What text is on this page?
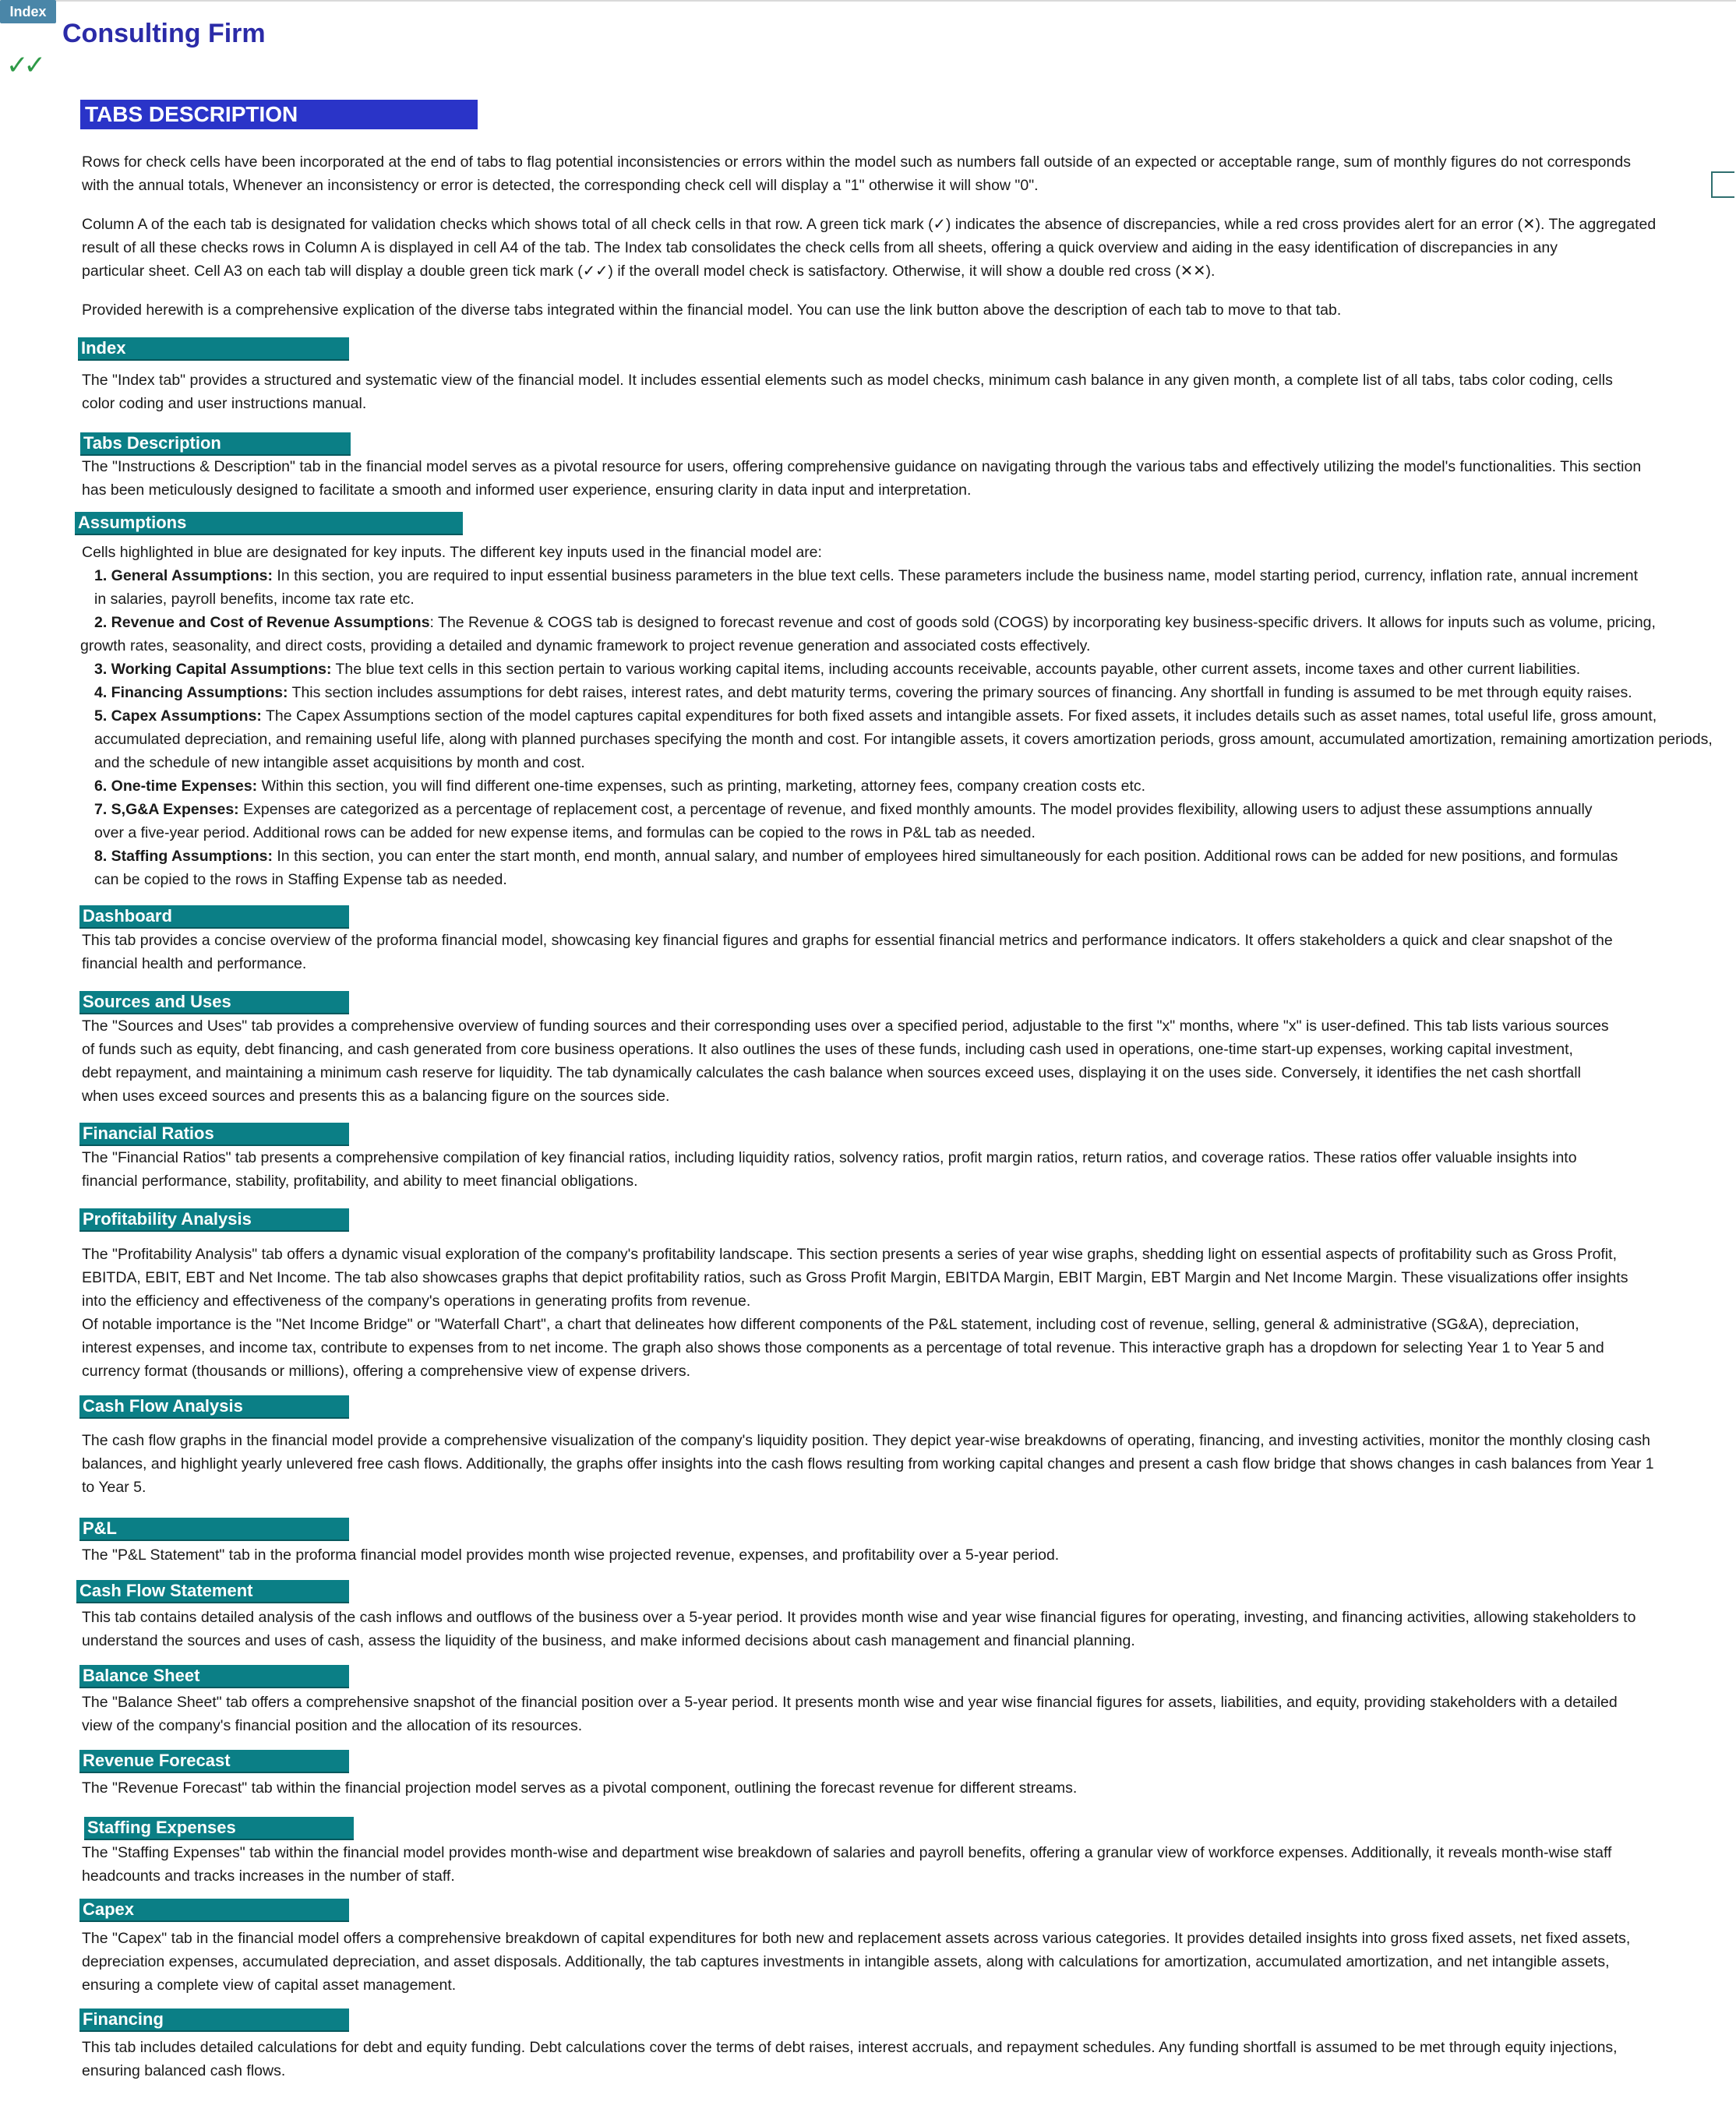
Index
Consulting Firm
✓✓
TABS DESCRIPTION
Rows for check cells have been incorporated at the end of tabs to flag potential inconsistencies or errors within the model such as numbers fall outside of an expected or acceptable range, sum of monthly figures do not corresponds
with the annual totals, Whenever an inconsistency or error is detected, the corresponding check cell will display a "1" otherwise it will show "0".
Column A of the each tab is designated for validation checks which shows total of all check cells in that row. A green tick mark (✓) indicates the absence of discrepancies, while a red cross provides alert for an error (✕). The aggregated
result of all these checks rows in Column A is displayed in cell A4 of the tab. The Index tab consolidates the check cells from all sheets, offering a quick overview and aiding in the easy identification of discrepancies in any
particular sheet. Cell A3 on each tab will display a double green tick mark (✓✓) if the overall model check is satisfactory. Otherwise, it will show a double red cross (✕✕).
Provided herewith is a comprehensive explication of the diverse tabs integrated within the financial model. You can use the link button above the description of each tab to move to that tab.
Index
The "Index tab" provides a structured and systematic view of the financial model. It includes essential elements such as model checks, minimum cash balance in any given month, a complete list of all tabs, tabs color coding, cells
color coding and user instructions manual.
Tabs Description
The "Instructions & Description" tab in the financial model serves as a pivotal resource for users, offering comprehensive guidance on navigating through the various tabs and effectively utilizing the model's functionalities. This section
has been meticulously designed to facilitate a smooth and informed user experience, ensuring clarity in data input and interpretation.
Assumptions
Cells highlighted in blue are designated for key inputs. The different key inputs used in the financial model are:
1. General Assumptions: In this section, you are required to input essential business parameters in the blue text cells. These parameters include the business name, model starting period, currency, inflation rate, annual increment
in salaries, payroll benefits, income tax rate etc.
2. Revenue and Cost of Revenue Assumptions: The Revenue & COGS tab is designed to forecast revenue and cost of goods sold (COGS) by incorporating key business-specific drivers. It allows for inputs such as volume, pricing,
growth rates, seasonality, and direct costs, providing a detailed and dynamic framework to project revenue generation and associated costs effectively.
3. Working Capital Assumptions: The blue text cells in this section pertain to various working capital items, including accounts receivable, accounts payable, other current assets, income taxes and other current liabilities.
4. Financing Assumptions: This section includes assumptions for debt raises, interest rates, and debt maturity terms, covering the primary sources of financing. Any shortfall in funding is assumed to be met through equity raises.
5. Capex Assumptions: The Capex Assumptions section of the model captures capital expenditures for both fixed assets and intangible assets. For fixed assets, it includes details such as asset names, total useful life, gross amount,
accumulated depreciation, and remaining useful life, along with planned purchases specifying the month and cost. For intangible assets, it covers amortization periods, gross amount, accumulated amortization, remaining amortization periods,
and the schedule of new intangible asset acquisitions by month and cost.
6. One-time Expenses: Within this section, you will find different one-time expenses, such as printing, marketing, attorney fees, company creation costs etc.
7. S,G&A Expenses: Expenses are categorized as a percentage of replacement cost, a percentage of revenue, and fixed monthly amounts. The model provides flexibility, allowing users to adjust these assumptions annually
over a five-year period. Additional rows can be added for new expense items, and formulas can be copied to the rows in P&L tab as needed.
8. Staffing Assumptions: In this section, you can enter the start month, end month, annual salary, and number of employees hired simultaneously for each position. Additional rows can be added for new positions, and formulas
can be copied to the rows in Staffing Expense tab as needed.
Dashboard
This tab provides a concise overview of the proforma financial model, showcasing key financial figures and graphs for essential financial metrics and performance indicators. It offers stakeholders a quick and clear snapshot of the
financial health and performance.
Sources and Uses
The "Sources and Uses" tab provides a comprehensive overview of funding sources and their corresponding uses over a specified period, adjustable to the first "x" months, where "x" is user-defined. This tab lists various sources
of funds such as equity, debt financing, and cash generated from core business operations. It also outlines the uses of these funds, including cash used in operations, one-time start-up expenses, working capital investment,
debt repayment, and maintaining a minimum cash reserve for liquidity. The tab dynamically calculates the cash balance when sources exceed uses, displaying it on the uses side. Conversely, it identifies the net cash shortfall
when uses exceed sources and presents this as a balancing figure on the sources side.
Financial Ratios
The "Financial Ratios" tab presents a comprehensive compilation of key financial ratios, including liquidity ratios, solvency ratios, profit margin ratios, return ratios, and coverage ratios. These ratios offer valuable insights into
financial performance, stability, profitability, and ability to meet financial obligations.
Profitability Analysis
The "Profitability Analysis" tab offers a dynamic visual exploration of the company's profitability landscape. This section presents a series of year wise graphs, shedding light on essential aspects of profitability such as Gross Profit,
EBITDA, EBIT, EBT and Net Income. The tab also showcases graphs that depict profitability ratios, such as Gross Profit Margin, EBITDA Margin, EBIT Margin, EBT Margin and Net Income Margin. These visualizations offer insights
into the efficiency and effectiveness of the company's operations in generating profits from revenue.
Of notable importance is the "Net Income Bridge" or "Waterfall Chart", a chart that delineates how different components of the P&L statement, including cost of revenue, selling, general & administrative (SG&A), depreciation,
interest expenses, and income tax, contribute to expenses from to net income. The graph also shows those components as a percentage of total revenue. This interactive graph has a dropdown for selecting Year 1 to Year 5 and
currency format (thousands or millions), offering a comprehensive view of expense drivers.
Cash Flow Analysis
The cash flow graphs in the financial model provide a comprehensive visualization of the company's liquidity position. They depict year-wise breakdowns of operating, financing, and investing activities, monitor the monthly closing cash
balances, and highlight yearly unlevered free cash flows. Additionally, the graphs offer insights into the cash flows resulting from working capital changes and present a cash flow bridge that shows changes in cash balances from Year 1
to Year 5.
P&L
The "P&L Statement" tab in the proforma financial model provides month wise projected revenue, expenses, and profitability over a 5-year period.
Cash Flow Statement
This tab contains detailed analysis of the cash inflows and outflows of the business over a 5-year period. It provides month wise and year wise financial figures for operating, investing, and financing activities, allowing stakeholders to
understand the sources and uses of cash, assess the liquidity of the business, and make informed decisions about cash management and financial planning.
Balance Sheet
The "Balance Sheet" tab offers a comprehensive snapshot of the financial position over a 5-year period. It presents month wise and year wise financial figures for assets, liabilities, and equity, providing stakeholders with a detailed
view of the company's financial position and the allocation of its resources.
Revenue Forecast
The "Revenue Forecast" tab within the financial projection model serves as a pivotal component, outlining the forecast revenue for different streams.
Staffing Expenses
The "Staffing Expenses" tab within the financial model provides month-wise and department wise breakdown of salaries and payroll benefits, offering a granular view of workforce expenses. Additionally, it reveals month-wise staff
headcounts and tracks increases in the number of staff.
Capex
The "Capex" tab in the financial model offers a comprehensive breakdown of capital expenditures for both new and replacement assets across various categories. It provides detailed insights into gross fixed assets, net fixed assets,
depreciation expenses, accumulated depreciation, and asset disposals. Additionally, the tab captures investments in intangible assets, along with calculations for amortization, accumulated amortization, and net intangible assets,
ensuring a complete view of capital asset management.
Financing
This tab includes detailed calculations for debt and equity funding. Debt calculations cover the terms of debt raises, interest accruals, and repayment schedules. Any funding shortfall is assumed to be met through equity injections,
ensuring balanced cash flows.
